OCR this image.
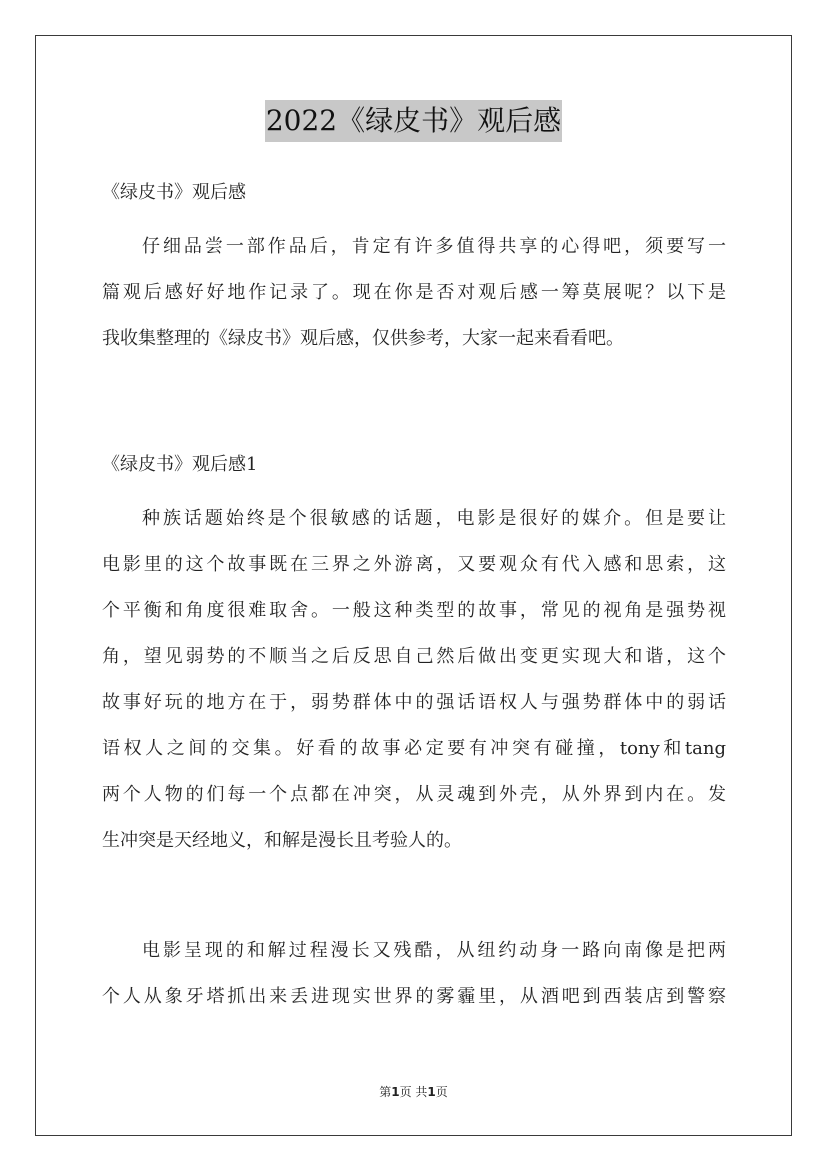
2022《绿皮书》观后感
《绿皮书》观后感
仔细品尝一部作品后，肯定有许多值得共享的心得吧，须要写一
篇观后感好好地作记录了。现在你是否对观后感一筹莫展呢？以下是
我收集整理的《绿皮书》观后感，仅供参考，大家一起来看看吧。
《绿皮书》观后感1
种族话题始终是个很敏感的话题，电影是很好的媒介。但是要让
电影里的这个故事既在三界之外游离，又要观众有代入感和思索，这
个平衡和角度很难取舍。一般这种类型的故事，常见的视角是强势视
角，望见弱势的不顺当之后反思自己然后做出变更实现大和谐，这个
故事好玩的地方在于，弱势群体中的强话语权人与强势群体中的弱话
语权人之间的交集。好看的故事必定要有冲突有碰撞，tony和tang
两个人物的们每一个点都在冲突，从灵魂到外壳，从外界到内在。发
生冲突是天经地义，和解是漫长且考验人的。
电影呈现的和解过程漫长又残酷，从纽约动身一路向南像是把两
个人从象牙塔抓出来丢进现实世界的雾霾里，从酒吧到西装店到警察
第1页 共1页
